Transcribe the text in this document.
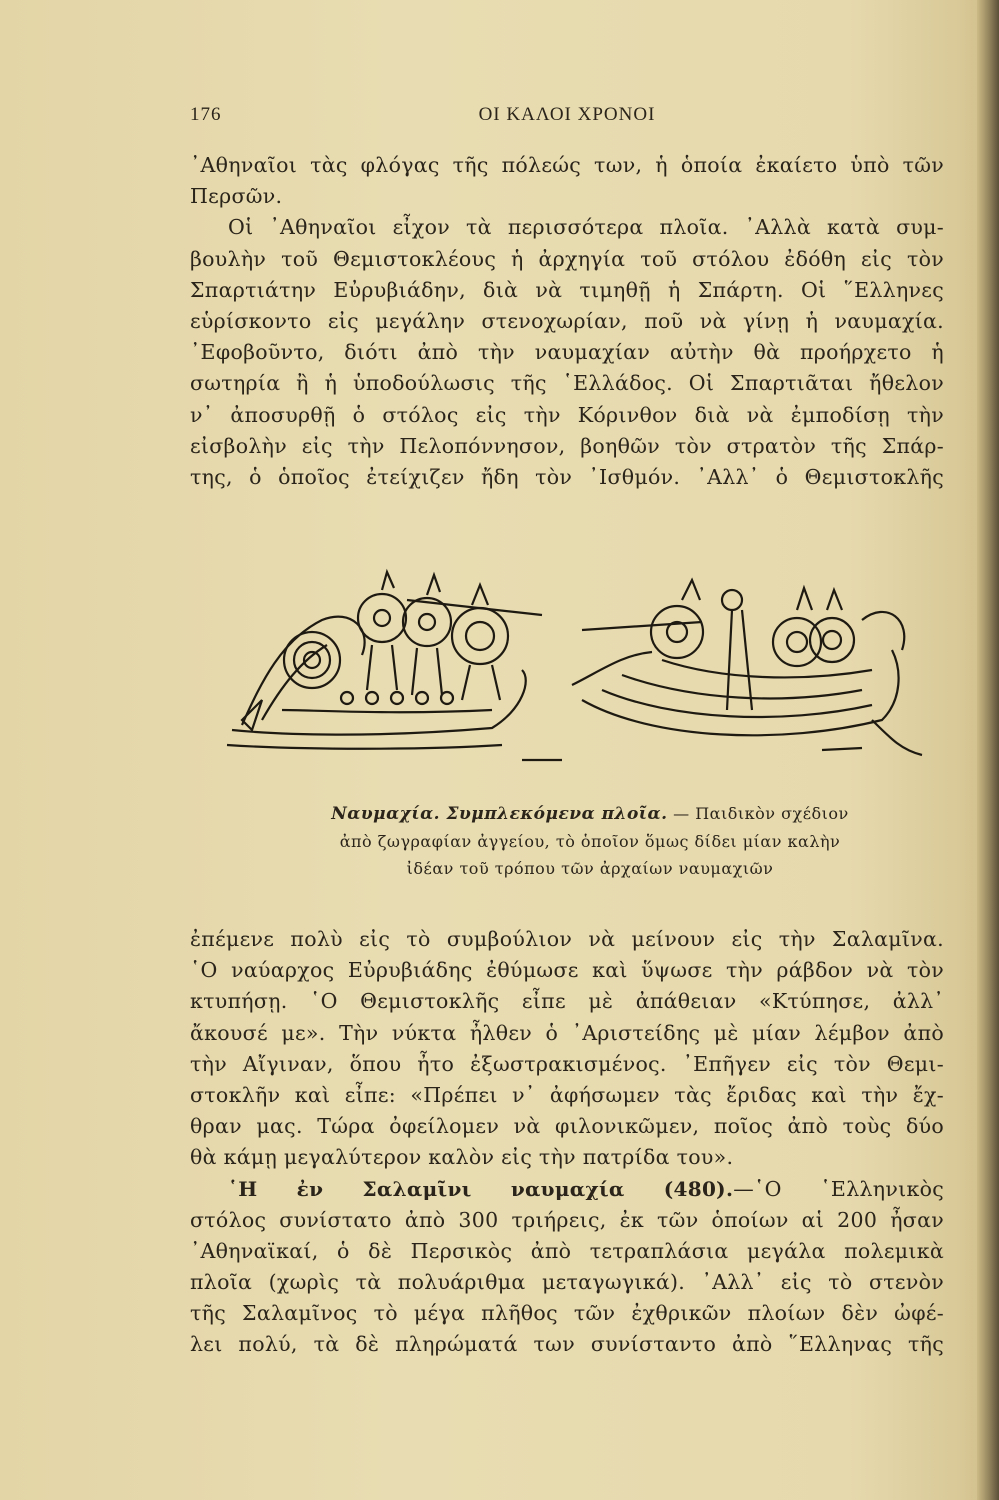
176	ΟΙ ΚΑΛΟΙ ΧΡΟΝΟΙ
᾿Αθηναῖοι τὰς φλόγας τῆς πόλεώς των, ἡ ὁποία ἐκαίετο ὑπὸ τῶν
Περσῶν.
Οἱ ᾿Αθηναῖοι εἶχον τὰ περισσότερα πλοῖα. ᾿Αλλὰ κατὰ συμ-
βουλὴν τοῦ Θεμιστοκλέους ἡ ἀρχηγία τοῦ στόλου ἐδόθη εἰς τὸν
Σπαρτιάτην Εὐρυβιάδην, διὰ νὰ τιμηθῇ ἡ Σπάρτη. Οἱ ῞Ελληνες
εὑρίσκοντο εἰς μεγάλην στενοχωρίαν, ποῦ νὰ γίνῃ ἡ ναυμαχία.
᾿Εφοβοῦντο, διότι ἀπὸ τὴν ναυμαχίαν αὐτὴν θὰ προήρχετο ἡ
σωτηρία ἢ ἡ ὑποδούλωσις τῆς ῾Ελλάδος. Οἱ Σπαρτιᾶται ἤθελον
ν᾿ ἀποσυρθῇ ὁ στόλος εἰς τὴν Κόρινθον διὰ νὰ ἐμποδίσῃ τὴν
εἰσβολὴν εἰς τὴν Πελοπόννησον, βοηθῶν τὸν στρατὸν τῆς Σπάρ-
της, ὁ ὁποῖος ἐτείχιζεν ἤδη τὸν ᾿Ισθμόν. ᾿Αλλ᾿ ὁ Θεμιστοκλῆς
Ναυμαχία. Συμπλεκόμενα πλοῖα. — Παιδικὸν σχέδιον
ἀπὸ ζωγραφίαν ἀγγείου, τὸ ὁποῖον ὅμως δίδει μίαν καλὴν
ἰδέαν τοῦ τρόπου τῶν ἀρχαίων ναυμαχιῶν
ἐπέμενε πολὺ εἰς τὸ συμβούλιον νὰ μείνουν εἰς τὴν Σαλαμῖνα.
῾Ο ναύαρχος Εὐρυβιάδης ἐθύμωσε καὶ ὕψωσε τὴν ράβδον νὰ τὸν
κτυπήσῃ. ῾Ο Θεμιστοκλῆς εἶπε μὲ ἀπάθειαν «Κτύπησε, ἀλλ᾿
ἄκουσέ με». Τὴν νύκτα ἦλθεν ὁ ᾿Αριστείδης μὲ μίαν λέμβον ἀπὸ
τὴν Αἴγιναν, ὅπου ἦτο ἐξωστρακισμένος. ᾿Επῆγεν εἰς τὸν Θεμι-
στοκλῆν καὶ εἶπε: «Πρέπει ν᾿ ἀφήσωμεν τὰς ἔριδας καὶ τὴν ἔχ-
θραν μας. Τώρα ὀφείλομεν νὰ φιλονικῶμεν, ποῖος ἀπὸ τοὺς δύο
θὰ κάμῃ μεγαλύτερον καλὸν εἰς τὴν πατρίδα του».
῾Η ἐν Σαλαμῖνι ναυμαχία (480).—῾Ο ῾Ελληνικὸς
στόλος συνίστατο ἀπὸ 300 τριήρεις, ἐκ τῶν ὁποίων αἱ 200 ἦσαν
᾿Αθηναϊκαί, ὁ δὲ Περσικὸς ἀπὸ τετραπλάσια μεγάλα πολεμικὰ
πλοῖα (χωρὶς τὰ πολυάριθμα μεταγωγικά). ᾿Αλλ᾿ εἰς τὸ στενὸν
τῆς Σαλαμῖνος τὸ μέγα πλῆθος τῶν ἐχθρικῶν πλοίων δὲν ὠφέ-
λει πολύ, τὰ δὲ πληρώματά των συνίσταντο ἀπὸ ῞Ελληνας τῆς
